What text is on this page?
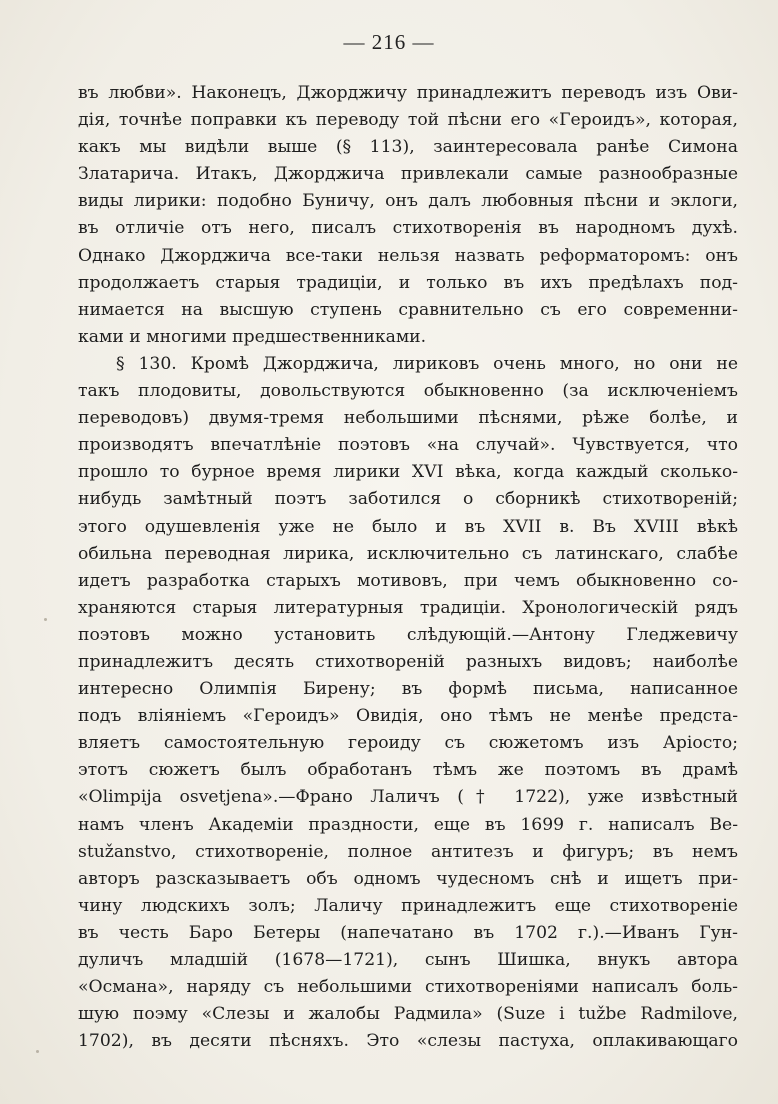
— 216 —
въ любви». Наконецъ, Джорджичу принадлежитъ переводъ изъ Ови-
дія, точнѣе поправки къ переводу той пѣсни его «Героидъ», которая,
какъ мы видѣли выше (§ 113), заинтересовала ранѣе Симона
Златарича. Итакъ, Джорджича привлекали самые разнообразные
виды лирики: подобно Буничу, онъ далъ любовныя пѣсни и эклоги,
въ отличіе отъ него, писалъ стихотворенія въ народномъ духѣ.
Однако Джорджича все-таки нельзя назвать реформаторомъ: онъ
продолжаетъ старыя традиціи, и только въ ихъ предѣлахъ под-
нимается на высшую ступень сравнительно съ его современни-
ками и многими предшественниками.
§ 130. Кромѣ Джорджича, лириковъ очень много, но они не
такъ плодовиты, довольствуются обыкновенно (за исключеніемъ
переводовъ) двумя-тремя небольшими пѣснями, рѣже болѣе, и
производятъ впечатлѣніе поэтовъ «на случай». Чувствуется, что
прошло то бурное время лирики XVI вѣка, когда каждый сколько-
нибудь замѣтный поэтъ заботился о сборникѣ стихотвореній;
этого одушевленія уже не было и въ XVII в. Въ XVIII вѣкѣ
обильна переводная лирика, исключительно съ латинскаго, слабѣе
идетъ разработка старыхъ мотивовъ, при чемъ обыкновенно со-
храняются старыя литературныя традиціи. Хронологическій рядъ
поэтовъ можно установить слѣдующій.—Антону Гледжевичу
принадлежитъ десять стихотвореній разныхъ видовъ; наиболѣе
интересно Олимпія Бирену; въ формѣ письма, написанное
подъ вліяніемъ «Героидъ» Овидія, оно тѣмъ не менѣе предста-
вляетъ самостоятельную героиду съ сюжетомъ изъ Аріосто;
этотъ сюжетъ былъ обработанъ тѣмъ же поэтомъ въ драмѣ
«Olimpija osvetjena».—Франо Лаличъ († 1722), уже извѣстный
намъ членъ Академіи праздности, еще въ 1699 г. написалъ Ве-
stužanstvo, стихотвореніе, полное антитезъ и фигуръ; въ немъ
авторъ разсказываетъ объ одномъ чудесномъ снѣ и ищетъ при-
чину людскихъ золъ; Лаличу принадлежитъ еще стихотвореніе
въ честь Баро Бетеры (напечатано въ 1702 г.).—Иванъ Гун-
дуличъ младшій (1678—1721), сынъ Шишка, внукъ автора
«Османа», наряду съ небольшими стихотвореніями написалъ боль-
шую поэму «Слезы и жалобы Радмила» (Suze i tužbe Radmilove,
1702), въ десяти пѣсняхъ. Это «слезы пастуха, оплакивающаго
